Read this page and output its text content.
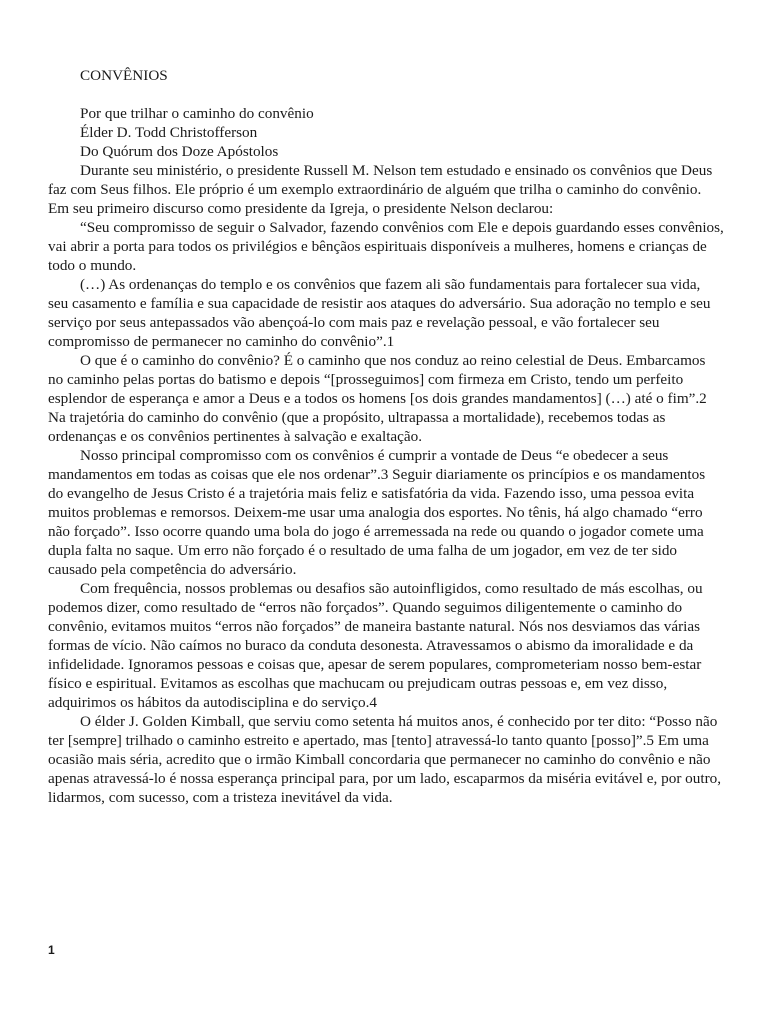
CONVÊNIOS

Por que trilhar o caminho do convênio

Élder D. Todd Christofferson

Do Quórum dos Doze Apóstolos

Durante seu ministério, o presidente Russell M. Nelson tem estudado e ensinado os convênios que Deus faz com Seus filhos. Ele próprio é um exemplo extraordinário de alguém que trilha o caminho do convênio. Em seu primeiro discurso como presidente da Igreja, o presidente Nelson declarou:

“Seu compromisso de seguir o Salvador, fazendo convênios com Ele e depois guardando esses convênios, vai abrir a porta para todos os privilégios e bênçãos espirituais disponíveis a mulheres, homens e crianças de todo o mundo.

(…) As ordenanças do templo e os convênios que fazem ali são fundamentais para fortalecer sua vida, seu casamento e família e sua capacidade de resistir aos ataques do adversário. Sua adoração no templo e seu serviço por seus antepassados vão abençoá-lo com mais paz e revelação pessoal, e vão fortalecer seu compromisso de permanecer no caminho do convênio”.1

O que é o caminho do convênio? É o caminho que nos conduz ao reino celestial de Deus. Embarcamos no caminho pelas portas do batismo e depois “[prosseguimos] com firmeza em Cristo, tendo um perfeito esplendor de esperança e amor a Deus e a todos os homens [os dois grandes mandamentos] (…) até o fim”.2 Na trajetória do caminho do convênio (que a propósito, ultrapassa a mortalidade), recebemos todas as ordenanças e os convênios pertinentes à salvação e exaltação.

Nosso principal compromisso com os convênios é cumprir a vontade de Deus “e obedecer a seus mandamentos em todas as coisas que ele nos ordenar”.3 Seguir diariamente os princípios e os mandamentos do evangelho de Jesus Cristo é a trajetória mais feliz e satisfatória da vida. Fazendo isso, uma pessoa evita muitos problemas e remorsos. Deixem-me usar uma analogia dos esportes. No tênis, há algo chamado “erro não forçado”. Isso ocorre quando uma bola do jogo é arremessada na rede ou quando o jogador comete uma dupla falta no saque. Um erro não forçado é o resultado de uma falha de um jogador, em vez de ter sido causado pela competência do adversário.

Com frequência, nossos problemas ou desafios são autoinfligidos, como resultado de más escolhas, ou podemos dizer, como resultado de “erros não forçados”. Quando seguimos diligentemente o caminho do convênio, evitamos muitos “erros não forçados” de maneira bastante natural. Nós nos desviamos das várias formas de vício. Não caímos no buraco da conduta desonesta. Atravessamos o abismo da imoralidade e da infidelidade. Ignoramos pessoas e coisas que, apesar de serem populares, comprometeriam nosso bem-estar físico e espiritual. Evitamos as escolhas que machucam ou prejudicam outras pessoas e, em vez disso, adquirimos os hábitos da autodisciplina e do serviço.4

O élder J. Golden Kimball, que serviu como setenta há muitos anos, é conhecido por ter dito: “Posso não ter [sempre] trilhado o caminho estreito e apertado, mas [tento] atravessá-lo tanto quanto [posso]”.5 Em uma ocasião mais séria, acredito que o irmão Kimball concordaria que permanecer no caminho do convênio e não apenas atravessá-lo é nossa esperança principal para, por um lado, escaparmos da miséria evitável e, por outro, lidarmos, com sucesso, com a tristeza inevitável da vida.

1
